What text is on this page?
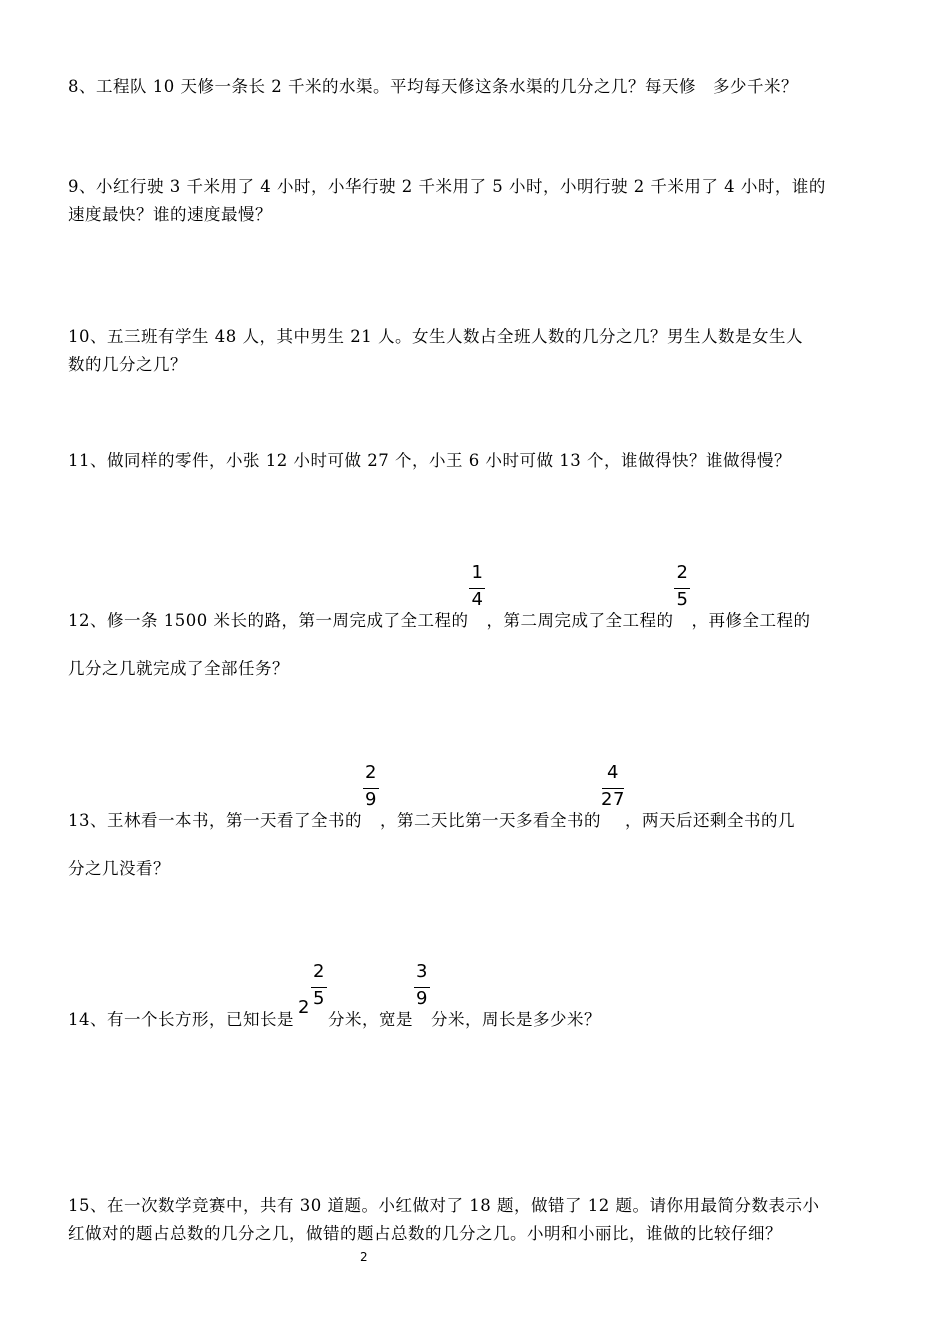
8、工程队 10 天修一条长 2 千米的水渠。平均每天修这条水渠的几分之几？每天修　多少千米？

9、小红行驶 3 千米用了 4 小时，小华行驶 2 千米用了 5 小时，小明行驶 2 千米用了 4 小时，谁的

速度最快？谁的速度最慢？

10、五三班有学生 48 人，其中男生 21 人。女生人数占全班人数的几分之几？男生人数是女生人

数的几分之几？

11、做同样的零件，小张 12 小时可做 27 个，小王 6 小时可做 13 个，谁做得快？谁做得慢？

12、修一条 1500 米长的路，第一周完成了全工程的 $\frac{1}{4}$ ，第二周完成了全工程的 $\frac{2}{5}$ ，再修全工程的

几分之几就完成了全部任务？

13、王林看一本书，第一天看了全书的 $\frac{2}{9}$ ，第二天比第一天多看全书的 $\frac{4}{27}$ ，两天后还剩全书的几

分之几没看？

14、有一个长方形，已知长是$2 \frac{2}{5}$ 分米，宽是 $\frac{3}{9}$ 分米，周长是多少米？

15、在一次数学竞赛中，共有 30 道题。小红做对了 18 题，做错了 12 题。请你用最简分数表示小

红做对的题占总数的几分之几，做错的题占总数的几分之几。小明和小丽比，谁做的比较仔细？

2
